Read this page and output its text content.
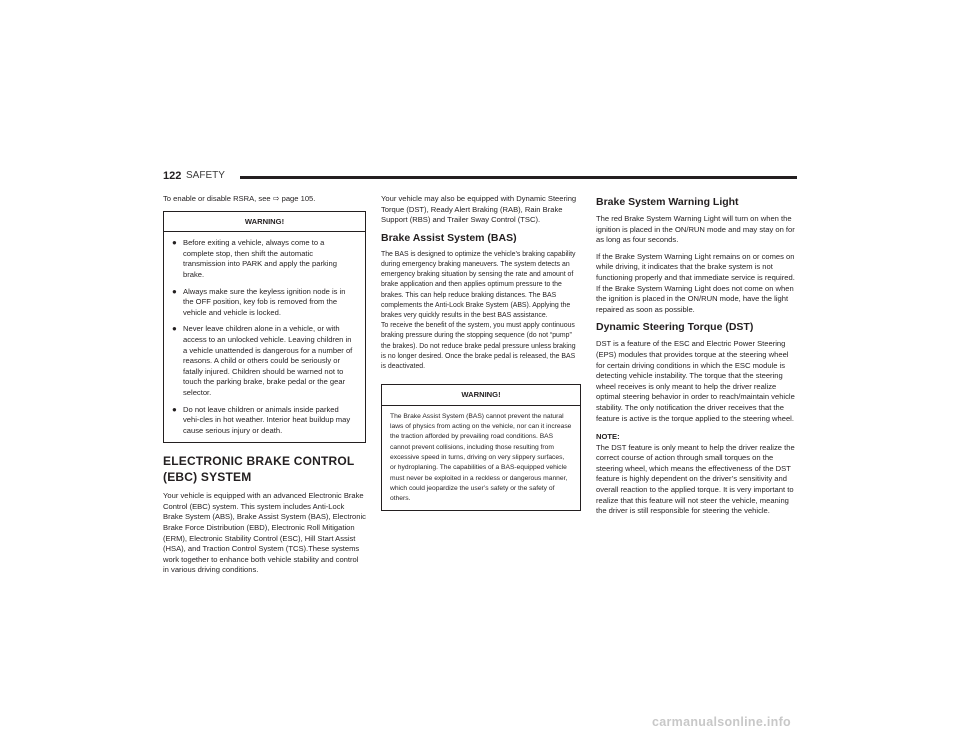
122 SAFETY

To enable or disable RSRA, see ⇨ page 105.

WARNING!
● Before exiting a vehicle, always come to a complete stop, then shift the automatic transmission into PARK and apply the parking brake.
● Always make sure the keyless ignition node is in the OFF position, key fob is removed from the vehicle and vehicle is locked.
● Never leave children alone in a vehicle, or with access to an unlocked vehicle. Leaving children in a vehicle unattended is dangerous for a number of reasons. A child or others could be seriously or fatally injured. Children should be warned not to touch the parking brake, brake pedal or the gear selector.
● Do not leave children or animals inside parked vehi-cles in hot weather. Interior heat buildup may cause serious injury or death.
ELECTRONIC BRAKE CONTROL (EBC) SYSTEM

Your vehicle is equipped with an advanced Electronic Brake Control (EBC) system. This system includes Anti-Lock Brake System (ABS), Brake Assist System (BAS), Electronic Brake Force Distribution (EBD), Electronic Roll Mitigation (ERM), Electronic Stability Control (ESC), Hill Start Assist (HSA), and Traction Control System (TCS).These systems work together to enhance both vehicle stability and control in various driving conditions.

Your vehicle may also be equipped with Dynamic Steering Torque (DST), Ready Alert Braking (RAB), Rain Brake Support (RBS) and Trailer Sway Control (TSC).

Brake Assist System (BAS)

The BAS is designed to optimize the vehicle’s braking capability during emergency braking maneuvers. The system detects an emergency braking situation by sensing the rate and amount of brake application and then applies optimum pressure to the brakes. This can help reduce braking distances. The BAS complements the Anti-Lock Brake System (ABS). Applying the brakes very quickly results in the best BAS assistance.

To receive the benefit of the system, you must apply continuous braking pressure during the stopping sequence (do not “pump” the brakes). Do not reduce brake pedal pressure unless braking is no longer desired. Once the brake pedal is released, the BAS is deactivated.

WARNING!

The Brake Assist System (BAS) cannot prevent the natural laws of physics from acting on the vehicle, nor can it increase the traction afforded by prevailing road conditions. BAS cannot prevent collisions, including those resulting from excessive speed in turns, driving on very slippery surfaces, or hydroplaning. The capabilities of a BAS-equipped vehicle must never be exploited in a reckless or dangerous manner, which could jeopardize the user’s safety or the safety of others.

Brake System Warning Light

The red Brake System Warning Light will turn on when the ignition is placed in the ON/RUN mode and may stay on for as long as four seconds.

If the Brake System Warning Light remains on or comes on while driving, it indicates that the brake system is not functioning properly and that immediate service is required. If the Brake System Warning Light does not come on when the ignition is placed in the ON/RUN mode, have the light repaired as soon as possible.

Dynamic Steering Torque (DST)

DST is a feature of the ESC and Electric Power Steering (EPS) modules that provides torque at the steering wheel for certain driving conditions in which the ESC module is detecting vehicle instability. The torque that the steering wheel receives is only meant to help the driver realize optimal steering behavior in order to reach/maintain vehicle stability. The only notification the driver receives that the feature is active is the torque applied to the steering wheel.

NOTE:
The DST feature is only meant to help the driver realize the correct course of action through small torques on the steering wheel, which means the effectiveness of the DST feature is highly dependent on the driver’s sensitivity and overall reaction to the applied torque. It is very important to realize that this feature will not steer the vehicle, meaning the driver is still responsible for steering the vehicle.

carmanualsonline.info
